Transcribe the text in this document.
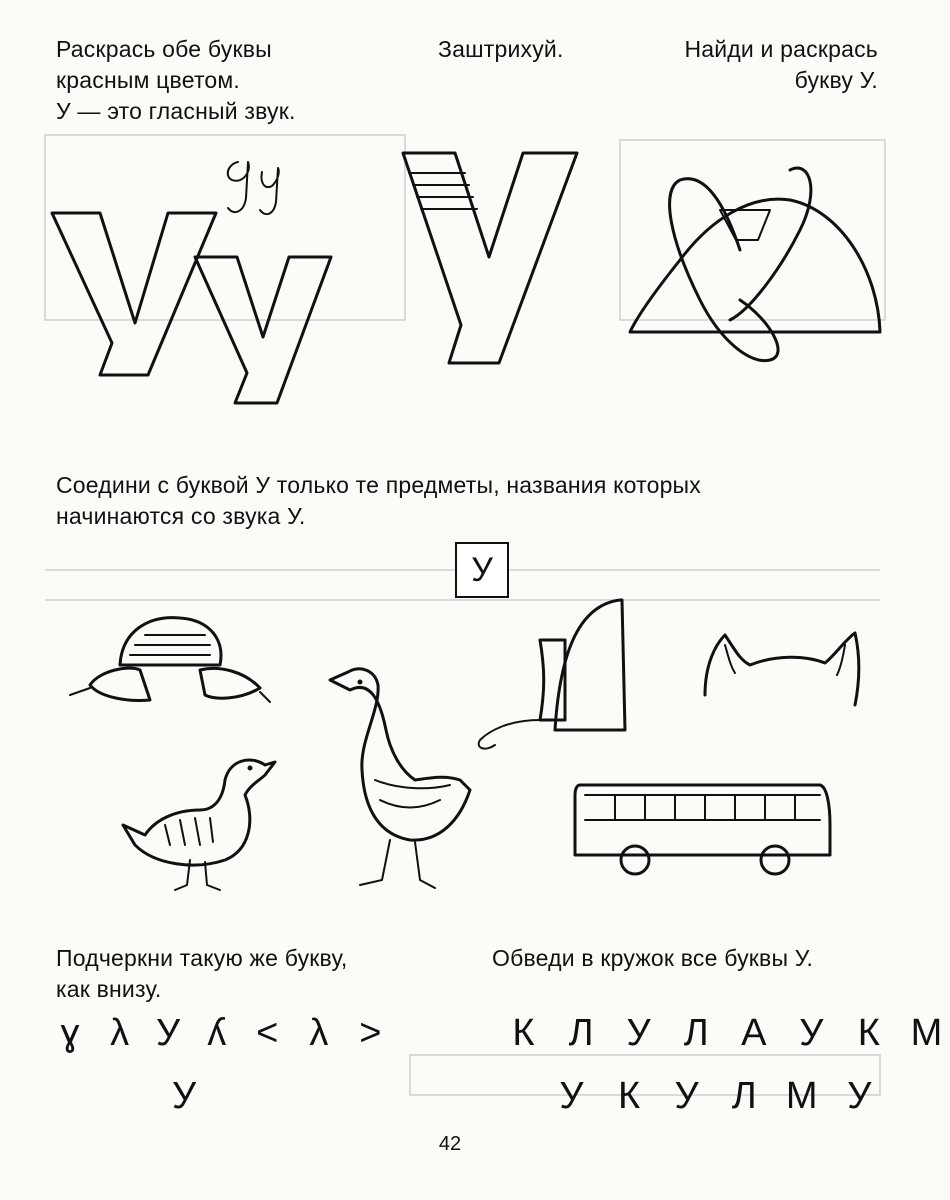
Раскрась обе буквы
красным цветом.
У — это гласный звук.
Заштрихуй.	Найди и раскрась
букву У.
Соедини с буквой У только те предметы, названия которых
начинаются со звука У.
У
Подчеркни такую же букву,
как внизу.
ɣ λ У ʎ < λ >
У
Обведи в кружок все буквы У.
К Л У Л А У К М
У К У Л М У
42
